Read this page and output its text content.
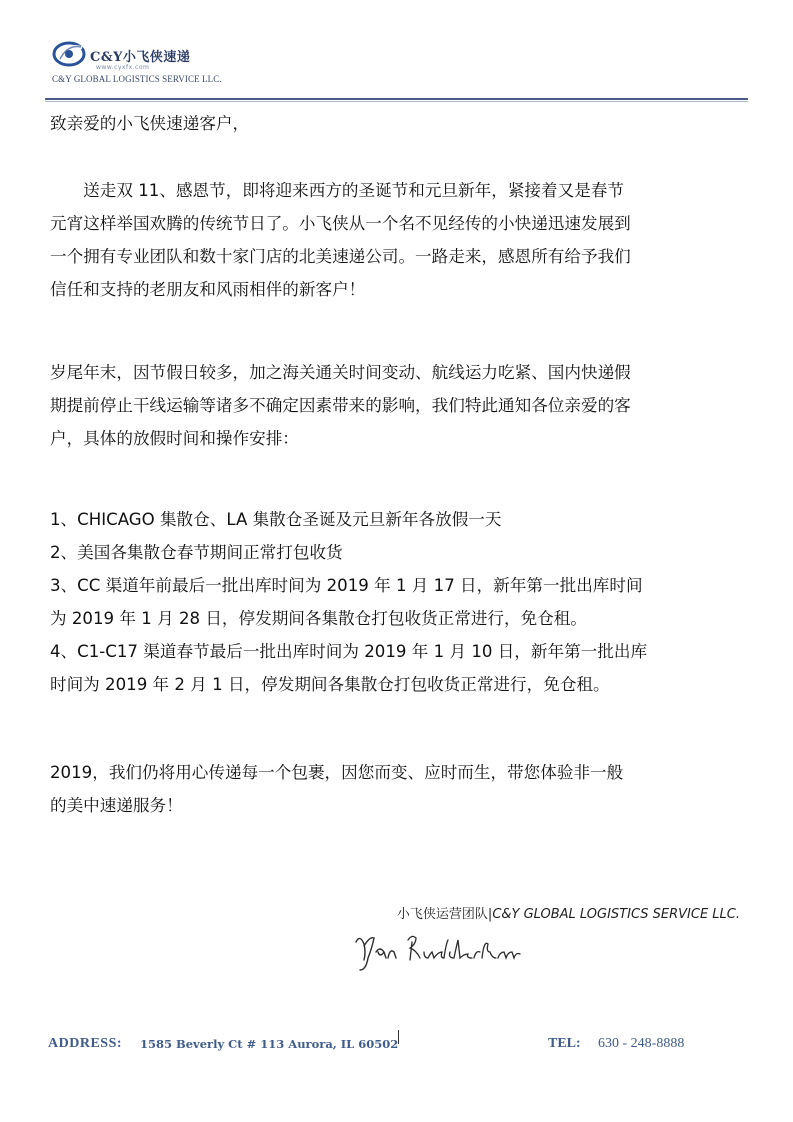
C&Y小飞侠速递
www.cyxfx.com
C&Y GLOBAL LOGISTICS SERVICE LLC.
致亲爱的小飞侠速递客户，
　　送走双 11、感恩节，即将迎来西方的圣诞节和元旦新年，紧接着又是春节
元宵这样举国欢腾的传统节日了。小飞侠从一个名不见经传的小快递迅速发展到
一个拥有专业团队和数十家门店的北美速递公司。一路走来，感恩所有给予我们
信任和支持的老朋友和风雨相伴的新客户！
岁尾年末，因节假日较多，加之海关通关时间变动、航线运力吃紧、国内快递假
期提前停止干线运输等诸多不确定因素带来的影响，我们特此通知各位亲爱的客
户，具体的放假时间和操作安排：
1、CHICAGO 集散仓、LA 集散仓圣诞及元旦新年各放假一天
2、美国各集散仓春节期间正常打包收货
3、CC 渠道年前最后一批出库时间为 2019 年 1 月 17 日，新年第一批出库时间
为 2019 年 1 月 28 日，停发期间各集散仓打包收货正常进行，免仓租。
4、C1-C17 渠道春节最后一批出库时间为 2019 年 1 月 10 日，新年第一批出库
时间为 2019 年 2 月 1 日，停发期间各集散仓打包收货正常进行，免仓租。
2019，我们仍将用心传递每一个包裹，因您而变、应时而生，带您体验非一般
的美中速递服务！
小飞侠运营团队|C&Y GLOBAL LOGISTICS SERVICE LLC.
Yan Rudderham
ADDRESS: 1585 Beverly Ct # 113 Aurora, IL 60502	TEL: 630 - 248-8888
